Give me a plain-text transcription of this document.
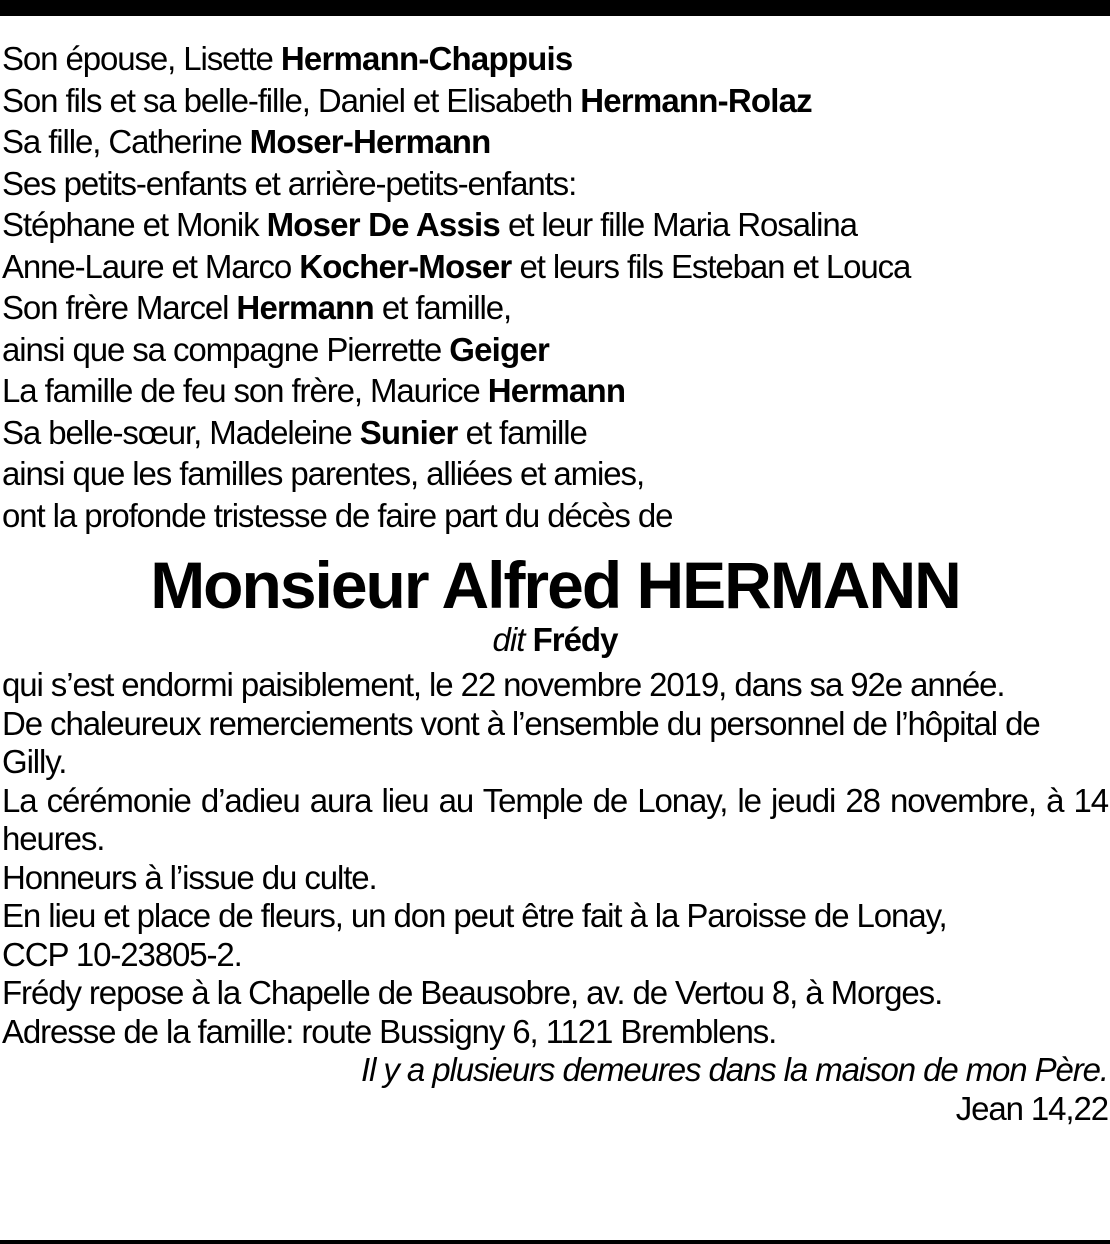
Son épouse, Lisette Hermann-Chappuis
Son fils et sa belle-fille, Daniel et Elisabeth Hermann-Rolaz
Sa fille, Catherine Moser-Hermann
Ses petits-enfants et arrière-petits-enfants:
Stéphane et Monik Moser De Assis et leur fille Maria Rosalina
Anne-Laure et Marco Kocher-Moser et leurs fils Esteban et Louca
Son frère Marcel Hermann et famille,
ainsi que sa compagne Pierrette Geiger
La famille de feu son frère, Maurice Hermann
Sa belle-sœur, Madeleine Sunier et famille
ainsi que les familles parentes, alliées et amies,
ont la profonde tristesse de faire part du décès de
Monsieur Alfred HERMANN
dit Frédy
qui s’est endormi paisiblement, le 22 novembre 2019, dans sa 92e année.
De chaleureux remerciements vont à l’ensemble du personnel de l’hôpital de Gilly.
La cérémonie d’adieu aura lieu au Temple de Lonay, le jeudi 28 novembre, à 14 heures.
Honneurs à l’issue du culte.
En lieu et place de fleurs, un don peut être fait à la Paroisse de Lonay,
CCP 10-23805-2.
Frédy repose à la Chapelle de Beausobre, av. de Vertou 8, à Morges.
Adresse de la famille: route Bussigny 6, 1121 Bremblens.
Il y a plusieurs demeures dans la maison de mon Père.
Jean 14,22
